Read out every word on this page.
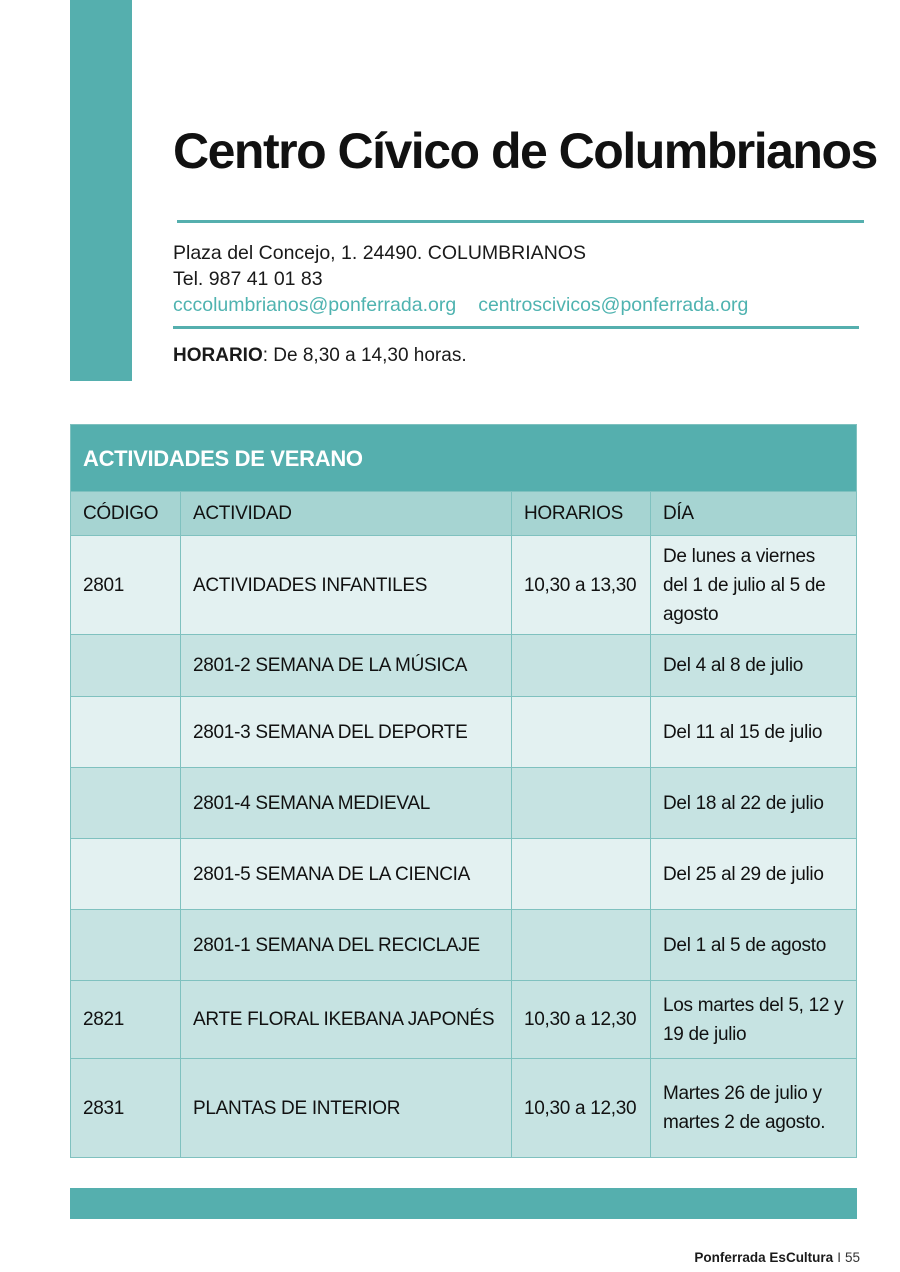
Centro Cívico de Columbrianos
Plaza del Concejo, 1. 24490. COLUMBRIANOS
Tel. 987 41 01 83
cccolumbrianos@ponferrada.org centroscivicos@ponferrada.org
HORARIO: De 8,30 a 14,30 horas.
ACTIVIDADES DE VERANO			
CÓDIGO	ACTIVIDAD	HORARIOS	DÍA
2801	ACTIVIDADES INFANTILES	10,30 a 13,30	De lunes a viernes del 1 de julio al 5 de agosto
	2801-2 SEMANA DE LA MÚSICA		Del 4 al 8 de julio
	2801-3 SEMANA DEL DEPORTE		Del 11 al 15 de julio
	2801-4 SEMANA MEDIEVAL		Del 18 al 22 de julio
	2801-5 SEMANA DE LA CIENCIA		Del 25 al 29 de julio
	2801-1 SEMANA DEL RECICLAJE		Del 1 al 5 de agosto
2821	ARTE FLORAL IKEBANA JAPONÉS	10,30 a 12,30	Los martes del 5, 12 y 19 de julio
2831	PLANTAS DE INTERIOR	10,30 a 12,30	Martes 26 de julio y martes 2 de agosto.
Ponferrada EsCultura I 55
